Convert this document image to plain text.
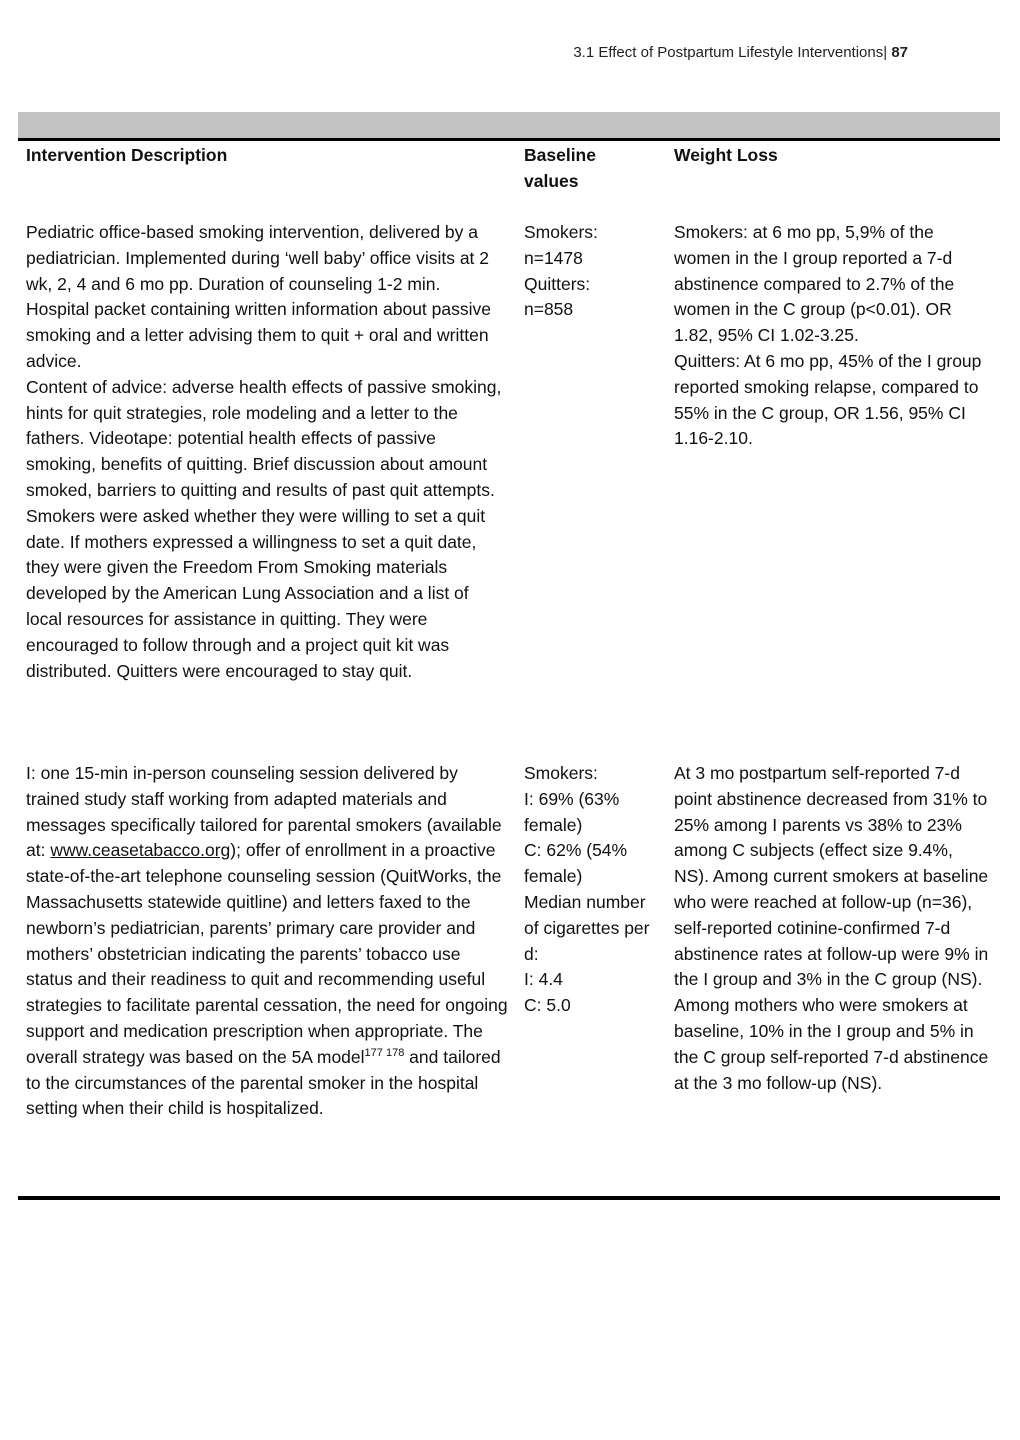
3.1 Effect of Postpartum Lifestyle Interventions| 87
Intervention Description	Baseline values
Weight Loss
Pediatric office-based smoking intervention, delivered by a pediatrician. Implemented during ‘well baby’ office visits at 2 wk, 2, 4 and 6 mo pp. Duration of counseling 1-2 min.
Hospital packet containing written information about passive smoking and a letter advising them to quit + oral and written advice.
Content of advice: adverse health effects of passive smoking, hints for quit strategies, role modeling and a letter to the fathers. Videotape: potential health effects of passive smoking, benefits of quitting. Brief discussion about amount smoked, barriers to quitting and results of past quit attempts. Smokers were asked whether they were willing to set a quit date. If mothers expressed a willingness to set a quit date, they were given the Freedom From Smoking materials developed by the American Lung Association and a list of local resources for assistance in quitting. They were encouraged to follow through and a project quit kit was distributed. Quitters were encouraged to stay quit.
Smokers:
n=1478
Quitters:
n=858
Smokers: at 6 mo pp, 5,9% of the women in the I group reported a 7-d abstinence compared to 2.7% of the women in the C group (p<0.01). OR 1.82, 95% CI 1.02-3.25.
Quitters: At 6 mo pp, 45% of the I group reported smoking relapse, compared to 55% in the C group, OR 1.56, 95% CI 1.16-2.10.
I: one 15-min in-person counseling session delivered by trained study staff working from adapted materials and messages specifically tailored for parental smokers (available at: www.ceasetabacco.org); offer of enrollment in a proactive state-of-the-art telephone counseling session (QuitWorks, the Massachusetts statewide quitline) and letters faxed to the newborn’s pediatrician, parents’ primary care provider and mothers’ obstetrician indicating the parents’ tobacco use status and their readiness to quit and recommending useful strategies to facilitate parental cessation, the need for ongoing support and medication prescription when appropriate. The overall strategy was based on the 5A model$^{177 178}$ and tailored to the circumstances of the parental smoker in the hospital setting when their child is hospitalized.
Smokers:
I: 69% (63% female)
C: 62% (54% female)
Median number of cigarettes per d:
I: 4.4
C: 5.0
At 3 mo postpartum self-reported 7-d point abstinence decreased from 31% to 25% among I parents vs 38% to 23% among C subjects (effect size 9.4%, NS). Among current smokers at baseline who were reached at follow-up (n=36), self-reported cotinine-confirmed 7-d abstinence rates at follow-up were 9% in the I group and 3% in the C group (NS). Among mothers who were smokers at baseline, 10% in the I group and 5% in the C group self-reported 7-d abstinence at the 3 mo follow-up (NS).
